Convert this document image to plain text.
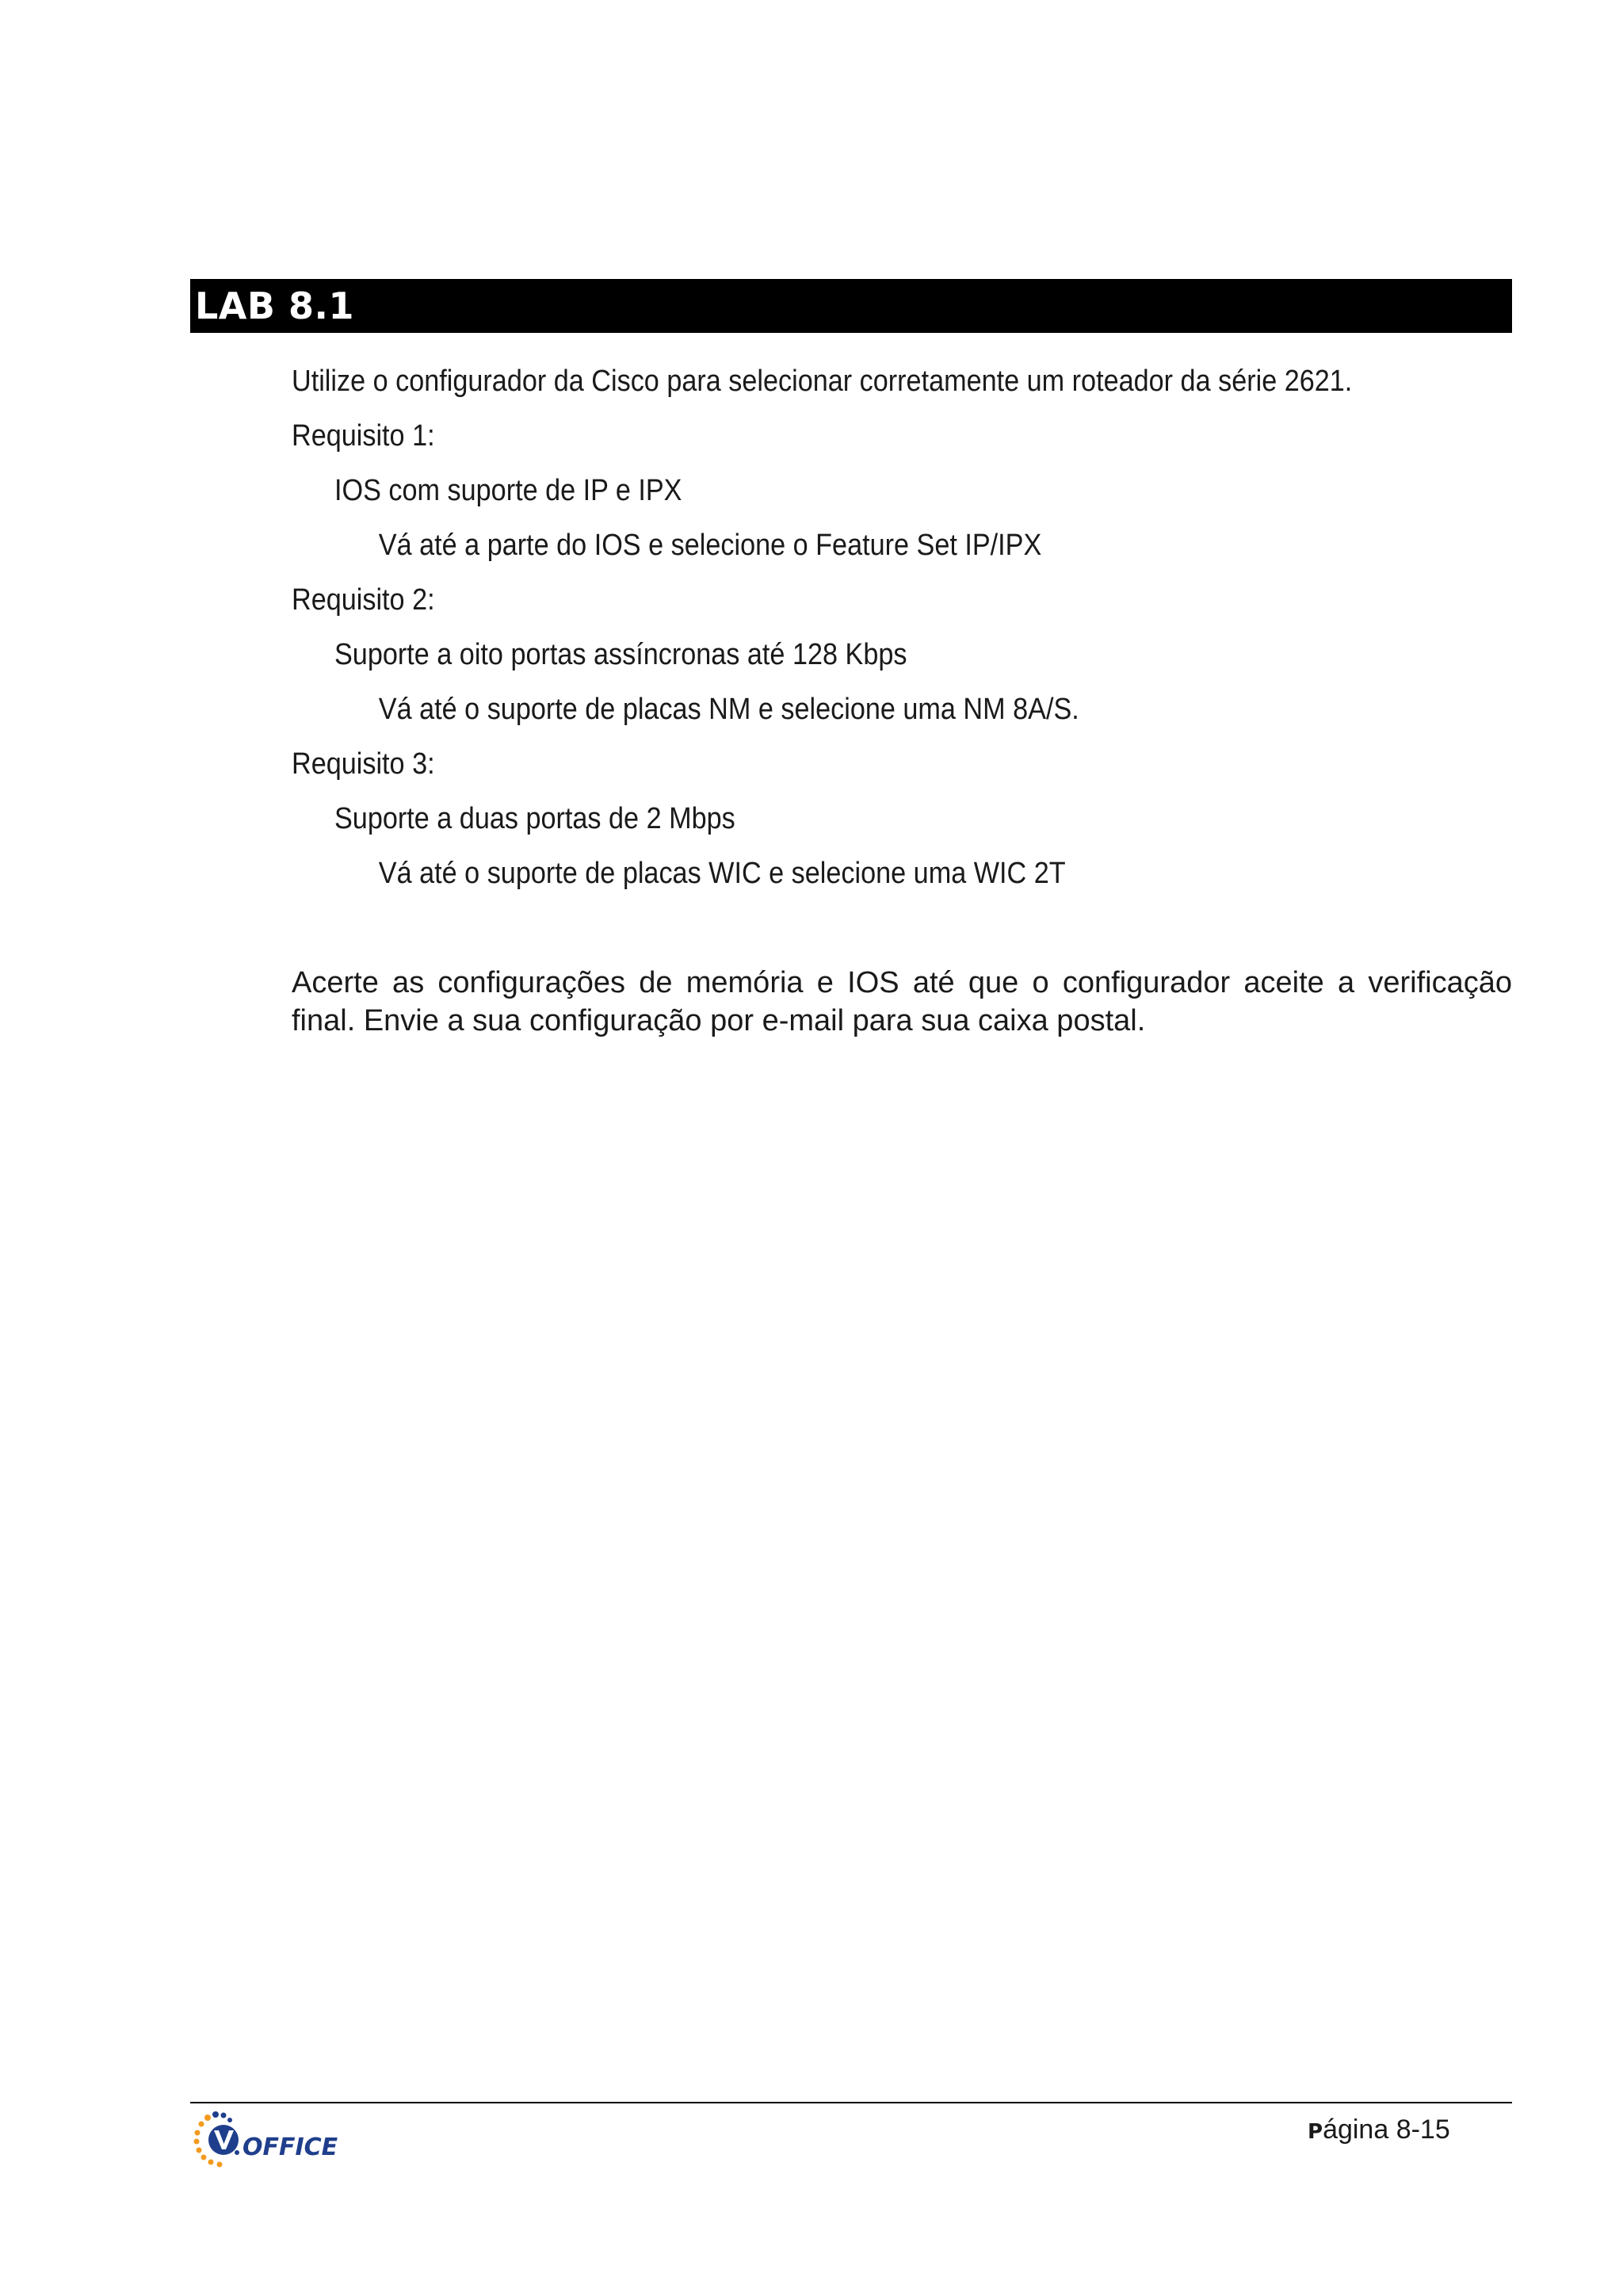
LAB 8.1
Utilize o configurador da Cisco para selecionar corretamente um roteador da série 2621.
Requisito 1:
IOS com suporte de IP e IPX
Vá até a parte do IOS e selecione o Feature Set IP/IPX
Requisito 2:
Suporte a oito portas assíncronas até 128 Kbps
Vá até o suporte de placas NM e selecione uma NM 8A/S.
Requisito 3:
Suporte a duas portas de 2 Mbps
Vá até o suporte de placas WIC e selecione uma WIC 2T
Acerte as configurações de memória e IOS até que o configurador aceite a verificação final. Envie a sua configuração por e-mail para sua caixa postal.
OFFICE
Página 8-15
